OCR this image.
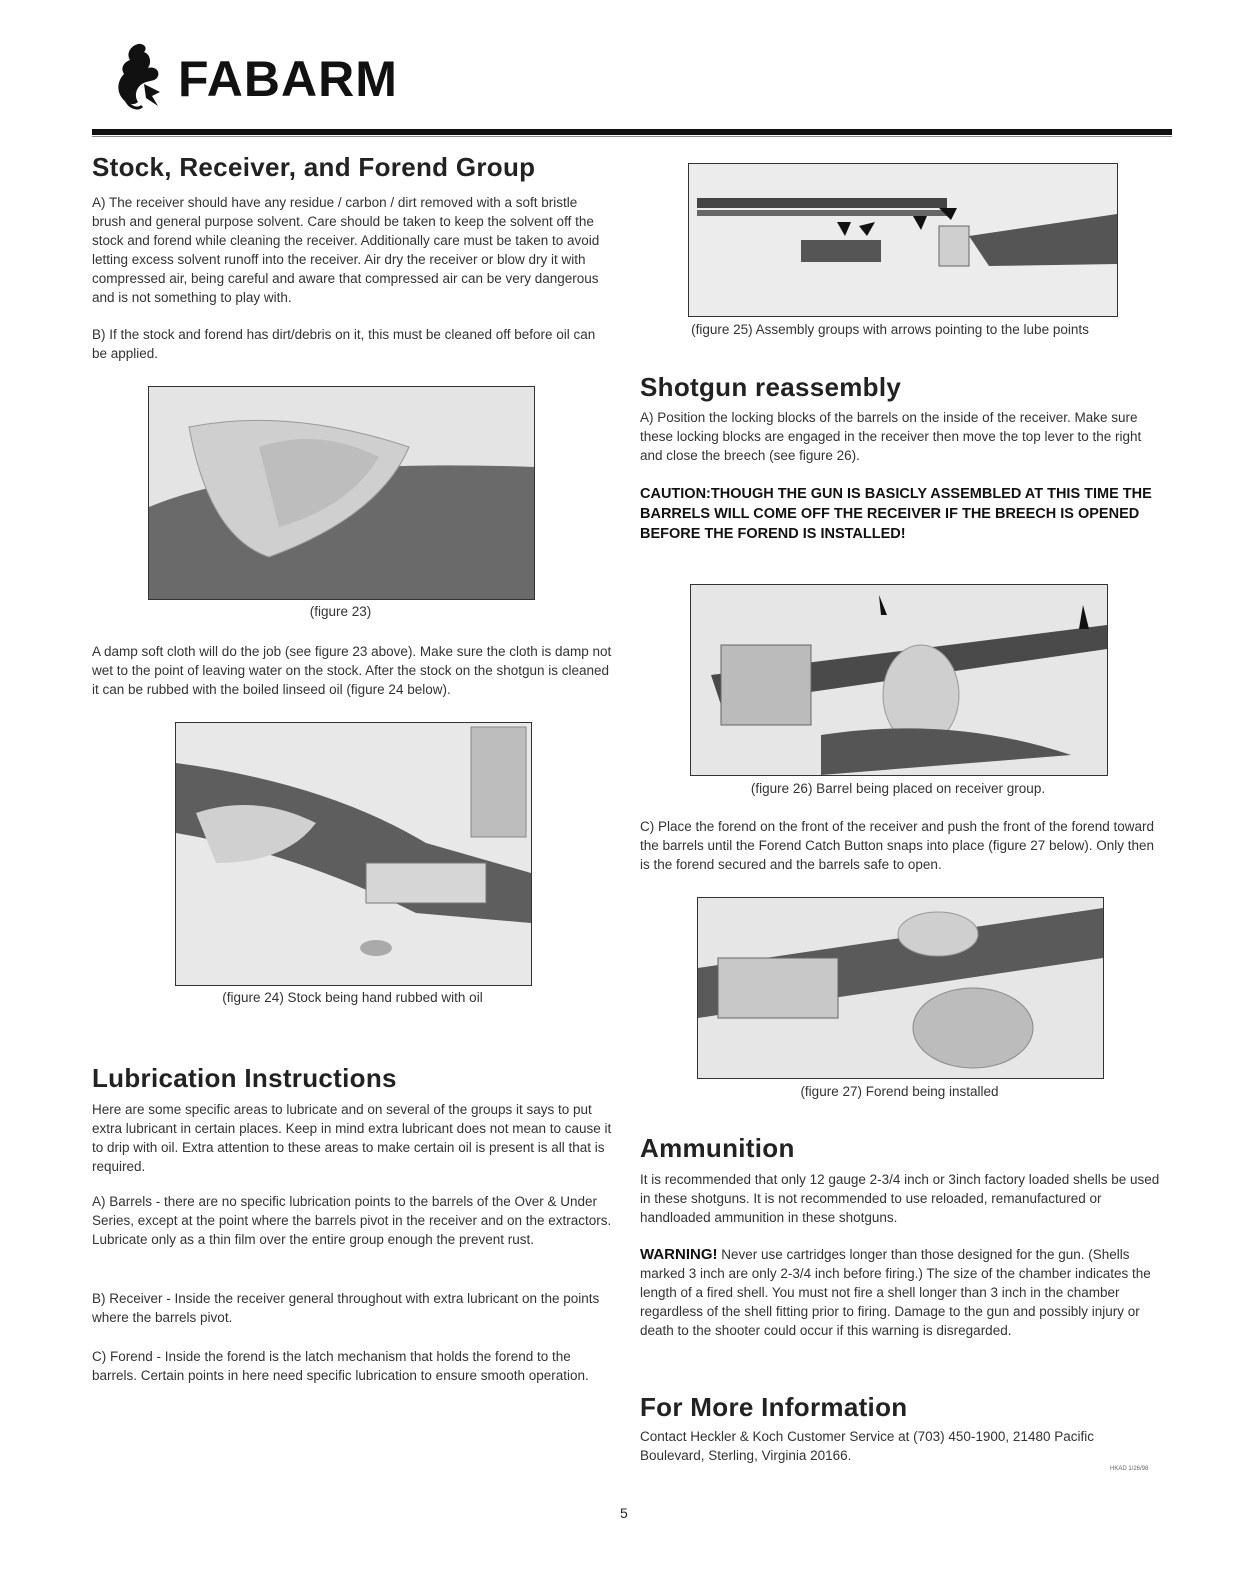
FABARM
Stock, Receiver, and Forend Group

A) The receiver should have any residue / carbon / dirt removed with a soft bristle brush and general purpose solvent. Care should be taken to keep the solvent off the stock and forend while cleaning the receiver. Additionally care must be taken to avoid letting excess solvent runoff into the receiver. Air dry the receiver or blow dry it with compressed air, being careful and aware that compressed air can be very dangerous and is not something to play with.

B) If the stock and forend has dirt/debris on it, this must be cleaned off before oil can be applied.

(figure 23)

A damp soft cloth will do the job (see figure 23 above). Make sure the cloth is damp not wet to the point of leaving water on the stock. After the stock on the shotgun is cleaned it can be rubbed with the boiled linseed oil (figure 24 below).

(figure 24) Stock being hand rubbed with oil
Lubrication Instructions

Here are some specific areas to lubricate and on several of the groups it says to put extra lubricant in certain places. Keep in mind extra lubricant does not mean to cause it to drip with oil. Extra attention to these areas to make certain oil is present is all that is required.

A) Barrels - there are no specific lubrication points to the barrels of the Over & Under Series, except at the point where the barrels pivot in the receiver and on the extractors. Lubricate only as a thin film over the entire group enough the prevent rust.

B) Receiver - Inside the receiver general throughout with extra lubricant on the points where the barrels pivot.

C) Forend - Inside the forend is the latch mechanism that holds the forend to the barrels. Certain points in here need specific lubrication to ensure smooth operation.

(figure 25) Assembly groups with arrows pointing to the lube points
Shotgun reassembly

A) Position the locking blocks of the barrels on the inside of the receiver. Make sure these locking blocks are engaged in the receiver then move the top lever to the right and close the breech (see figure 26).

CAUTION:THOUGH THE GUN IS BASICLY ASSEMBLED AT THIS TIME THE BARRELS WILL COME OFF THE RECEIVER IF THE BREECH IS OPENED BEFORE THE FOREND IS INSTALLED!
(figure 26) Barrel being placed on receiver group.

C) Place the forend on the front of the receiver and push the front of the forend toward the barrels until the Forend Catch Button snaps into place (figure 27 below). Only then is the forend secured and the barrels safe to open.

(figure 27) Forend being installed
Ammunition

It is recommended that only 12 gauge 2-3/4 inch or 3inch factory loaded shells be used in these shotguns. It is not recommended to use reloaded, remanufactured or handloaded ammunition in these shotguns.

WARNING! Never use cartridges longer than those designed for the gun. (Shells marked 3 inch are only 2-3/4 inch before firing.) The size of the chamber indicates the length of a fired shell. You must not fire a shell longer than 3 inch in the chamber regardless of the shell fitting prior to firing. Damage to the gun and possibly injury or death to the shooter could occur if this warning is disregarded.

For More Information

Contact Heckler & Koch Customer Service at (703) 450-1900, 21480 Pacific Boulevard, Sterling, Virginia 20166.

HKAD 1/26/98
5
